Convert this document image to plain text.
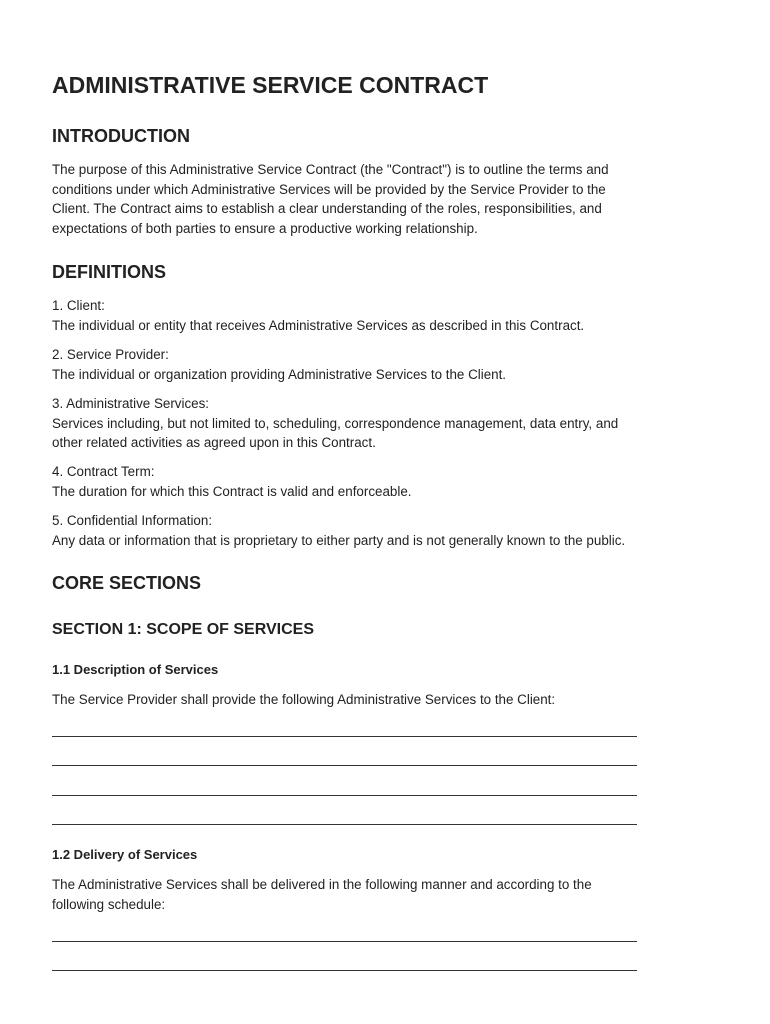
ADMINISTRATIVE SERVICE CONTRACT
INTRODUCTION
The purpose of this Administrative Service Contract (the "Contract") is to outline the terms and
conditions under which Administrative Services will be provided by the Service Provider to the
Client. The Contract aims to establish a clear understanding of the roles, responsibilities, and
expectations of both parties to ensure a productive working relationship.
DEFINITIONS
1. Client:
The individual or entity that receives Administrative Services as described in this Contract.
2. Service Provider:
The individual or organization providing Administrative Services to the Client.
3. Administrative Services:
Services including, but not limited to, scheduling, correspondence management, data entry, and
other related activities as agreed upon in this Contract.
4. Contract Term:
The duration for which this Contract is valid and enforceable.
5. Confidential Information:
Any data or information that is proprietary to either party and is not generally known to the public.
CORE SECTIONS
SECTION 1: SCOPE OF SERVICES
1.1 Description of Services
The Service Provider shall provide the following Administrative Services to the Client:
1.2 Delivery of Services
The Administrative Services shall be delivered in the following manner and according to the
following schedule:
